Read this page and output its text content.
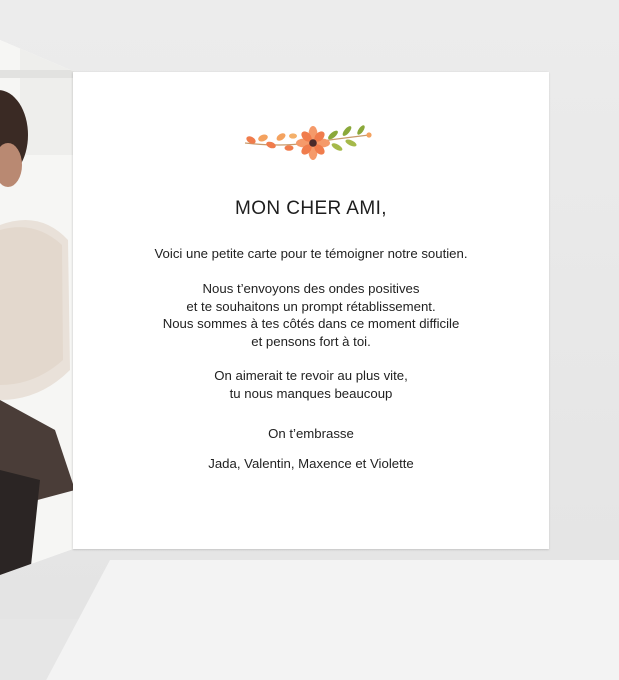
MON CHER AMI,
Voici une petite carte pour te témoigner notre soutien.
Nous t’envoyons des ondes positives
et te souhaitons un prompt rétablissement.
Nous sommes à tes côtés dans ce moment difficile
et pensons fort à toi.
On aimerait te revoir au plus vite,
tu nous manques beaucoup
On t’embrasse
Jada, Valentin, Maxence et Violette
